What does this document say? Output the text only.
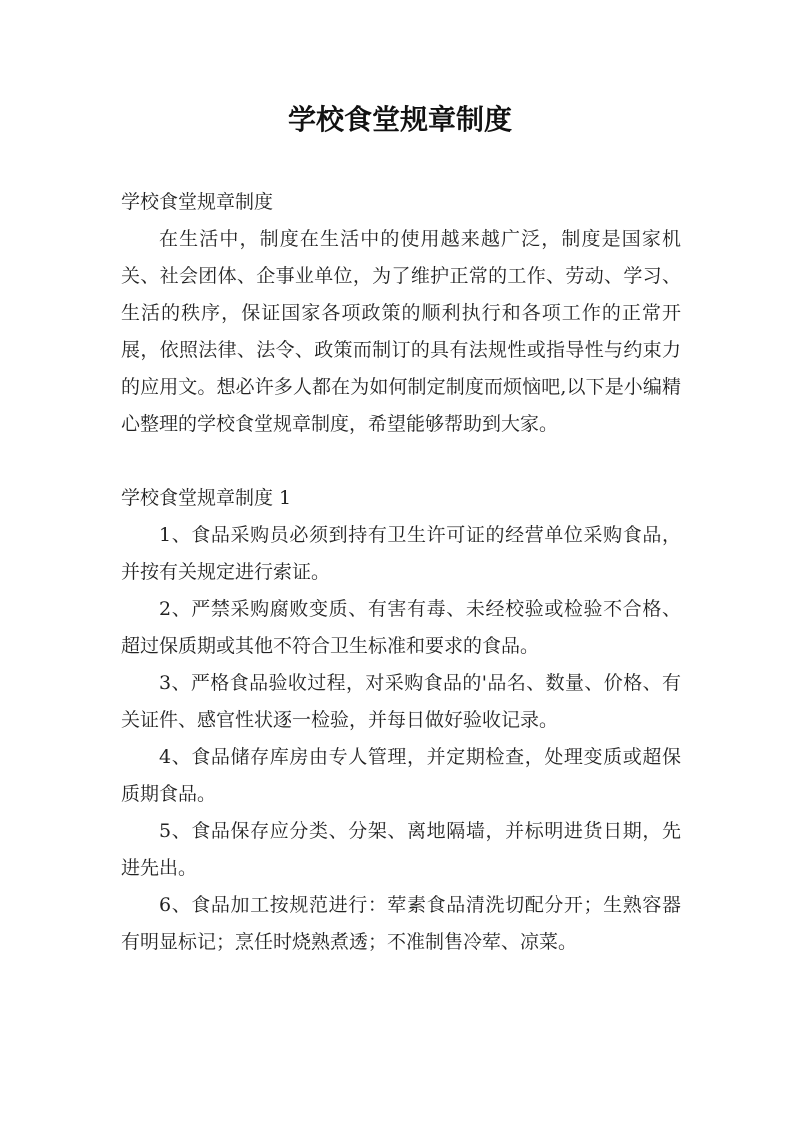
学校食堂规章制度

学校食堂规章制度

在生活中，制度在生活中的使用越来越广泛，制度是国家机关、社会团体、企事业单位，为了维护正常的工作、劳动、学习、生活的秩序，保证国家各项政策的顺利执行和各项工作的正常开展，依照法律、法令、政策而制订的具有法规性或指导性与约束力的应用文。想必许多人都在为如何制定制度而烦恼吧,以下是小编精心整理的学校食堂规章制度，希望能够帮助到大家。

学校食堂规章制度 1

1、食品采购员必须到持有卫生许可证的经营单位采购食品，并按有关规定进行索证。

2、严禁采购腐败变质、有害有毒、未经校验或检验不合格、超过保质期或其他不符合卫生标准和要求的食品。

3、严格食品验收过程，对采购食品的'品名、数量、价格、有关证件、感官性状逐一检验，并每日做好验收记录。

4、食品储存库房由专人管理，并定期检查，处理变质或超保质期食品。

5、食品保存应分类、分架、离地隔墙，并标明进货日期，先进先出。

6、食品加工按规范进行：荤素食品清洗切配分开；生熟容器有明显标记；烹任时烧熟煮透；不准制售冷荤、凉菜。
